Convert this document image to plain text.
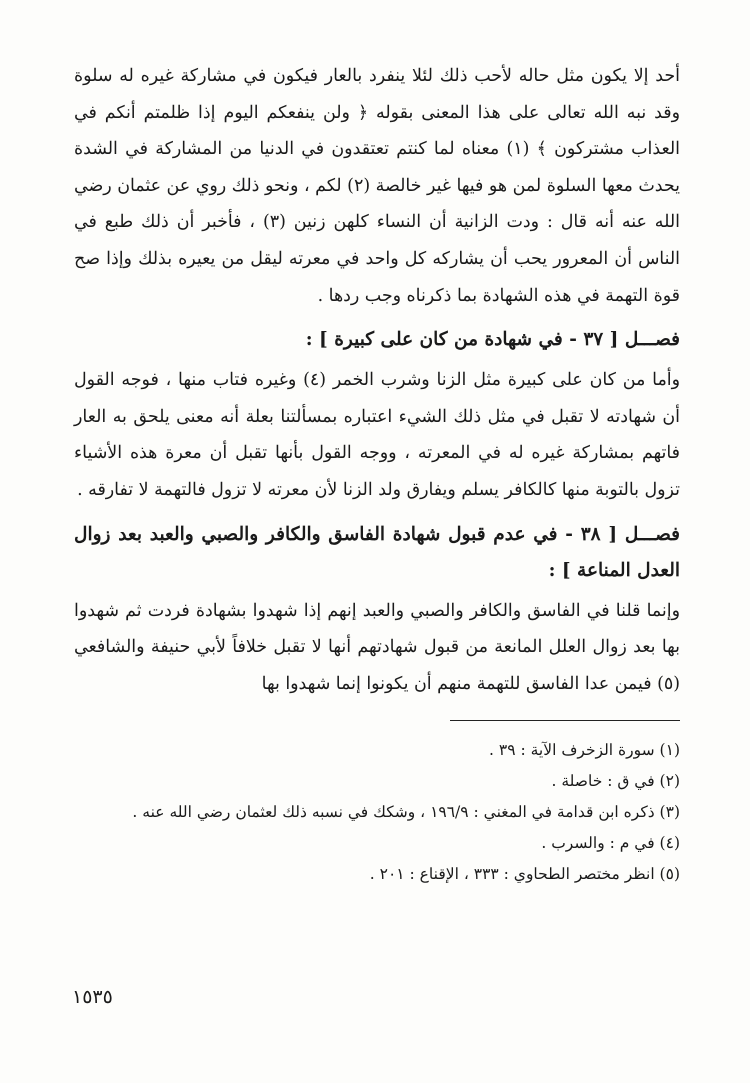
أحد إلا يكون مثل حاله لأحب ذلك لئلا ينفرد بالعار فيكون في مشاركة غيره له سلوة وقد نبه الله تعالى على هذا المعنى بقوله ﴿ ولن ينفعكم اليوم إذا ظلمتم أنكم في العذاب مشتركون ﴾ (١) معناه لما كنتم تعتقدون في الدنيا من المشاركة في الشدة يحدث معها السلوة لمن هو فيها غير خالصة (٢) لكم ، ونحو ذلك روي عن عثمان رضي الله عنه أنه قال : ودت الزانية أن النساء كلهن زنين (٣) ، فأخبر أن ذلك طبع في الناس أن المعرور يحب أن يشاركه كل واحد في معرته ليقل من يعيره بذلك وإذا صح قوة التهمة في هذه الشهادة بما ذكرناه وجب ردها .

فصـــل [ ٣٧ - في شهادة من كان على كبيرة ] :

وأما من كان على كبيرة مثل الزنا وشرب الخمر (٤) وغيره فتاب منها ، فوجه القول أن شهادته لا تقبل في مثل ذلك الشيء اعتباره بمسألتنا بعلة أنه معنى يلحق به العار فاتهم بمشاركة غيره له في المعرته ، ووجه القول بأنها تقبل أن معرة هذه الأشياء تزول بالتوبة منها كالكافر يسلم ويفارق ولد الزنا لأن معرته لا تزول فالتهمة لا تفارقه .

فصـــل [ ٣٨ - في عدم قبول شهادة الفاسق والكافر والصبي والعبد بعد زوال العدل المناعة ] :

وإنما قلنا في الفاسق والكافر والصبي والعبد إنهم إذا شهدوا بشهادة فردت ثم شهدوا بها بعد زوال العلل المانعة من قبول شهادتهم أنها لا تقبل خلافاً لأبي حنيفة والشافعي (٥) فيمن عدا الفاسق للتهمة منهم أن يكونوا إنما شهدوا بها

(١) سورة الزخرف الآية : ٣٩ .
(٢) في ق : خاصلة .
(٣) ذكره ابن قدامة في المغني : ١٩٦/٩ ، وشكك في نسبه ذلك لعثمان رضي الله عنه .
(٤) في م : والسرب .
(٥) انظر مختصر الطحاوي : ٣٣٣ ، الإقناع : ٢٠١ .
١٥٣٥
